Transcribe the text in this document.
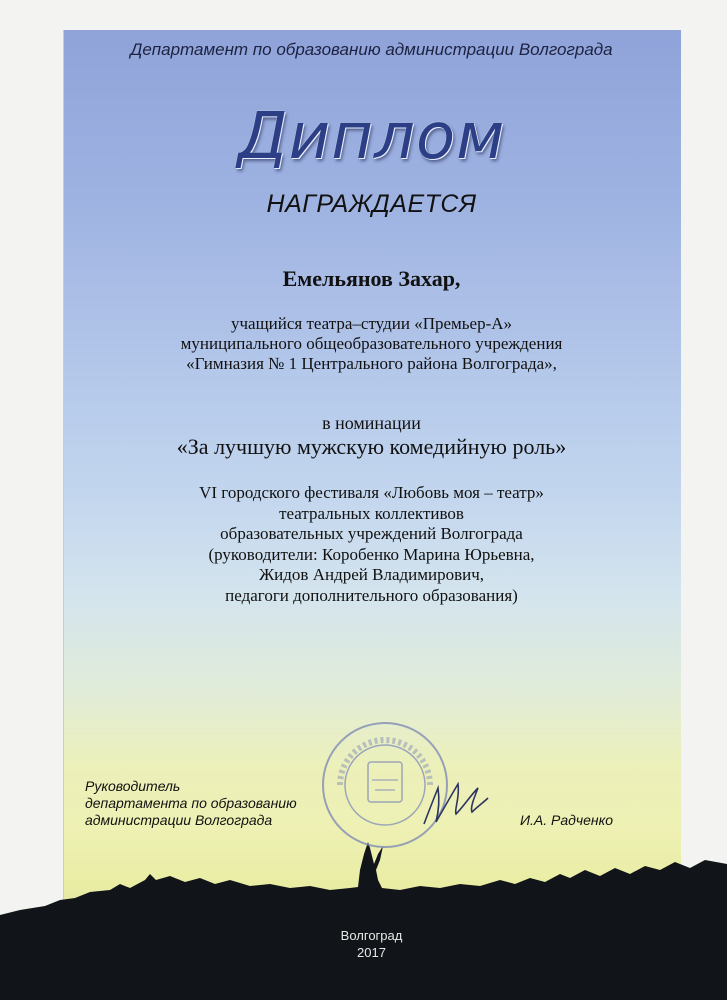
Департамент по образованию администрации Волгограда
Диплом
НАГРАЖДАЕТСЯ
Емельянов Захар,
учащийся театра–студии «Премьер-А»
муниципального общеобразовательного учреждения
«Гимназия № 1 Центрального района Волгограда»,
в номинации
«За лучшую мужскую комедийную роль»
VI городского фестиваля «Любовь моя – театр»
театральных коллективов
образовательных учреждений Волгограда
(руководители: Коробенко Марина Юрьевна,
Жидов Андрей Владимирович,
педагоги дополнительного образования)
Руководитель
департамента по образованию
администрации Волгограда	И.А. Радченко
Волгоград
2017
